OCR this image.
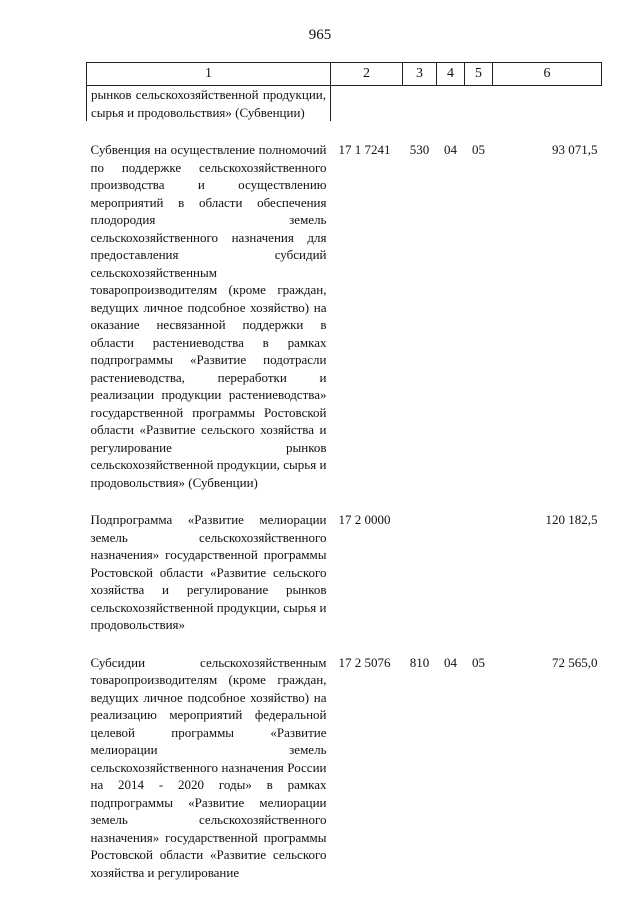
965
1	2	3	4	5	6
рынков сельскохозяйственной продукции, сырья и продовольствия» (Субвенции)					
Субвенция на осуществление полномочий по поддержке сельскохозяйственного производства и осуществлению мероприятий в области обеспечения плодородия земель сельскохозяйственного назначения для предоставления субсидий сельскохозяйственным товаропроизводителям (кроме граждан, ведущих личное подсобное хозяйство) на оказание несвязанной поддержки в области растениеводства в рамках подпрограммы «Развитие подотрасли растениеводства, переработки и реализации продукции растениеводства» государственной программы Ростовской области «Развитие сельского хозяйства и регулирование рынков сельскохозяйственной продукции, сырья и продовольствия» (Субвенции)	17 1 7241	530	04	05	93 071,5
Подпрограмма «Развитие мелиорации земель сельскохозяйственного назначения» государственной программы Ростовской области «Развитие сельского хозяйства и регулирование рынков сельскохозяйственной продукции, сырья и продовольствия»	17 2 0000				120 182,5
Субсидии сельскохозяйственным товаропроизводителям (кроме граждан, ведущих личное подсобное хозяйство) на реализацию мероприятий федеральной целевой программы «Развитие мелиорации земель сельскохозяйственного назначения России на 2014 - 2020 годы» в рамках подпрограммы «Развитие мелиорации земель сельскохозяйственного назначения» государственной программы Ростовской области «Развитие сельского хозяйства и регулирование	17 2 5076	810	04	05	72 565,0
